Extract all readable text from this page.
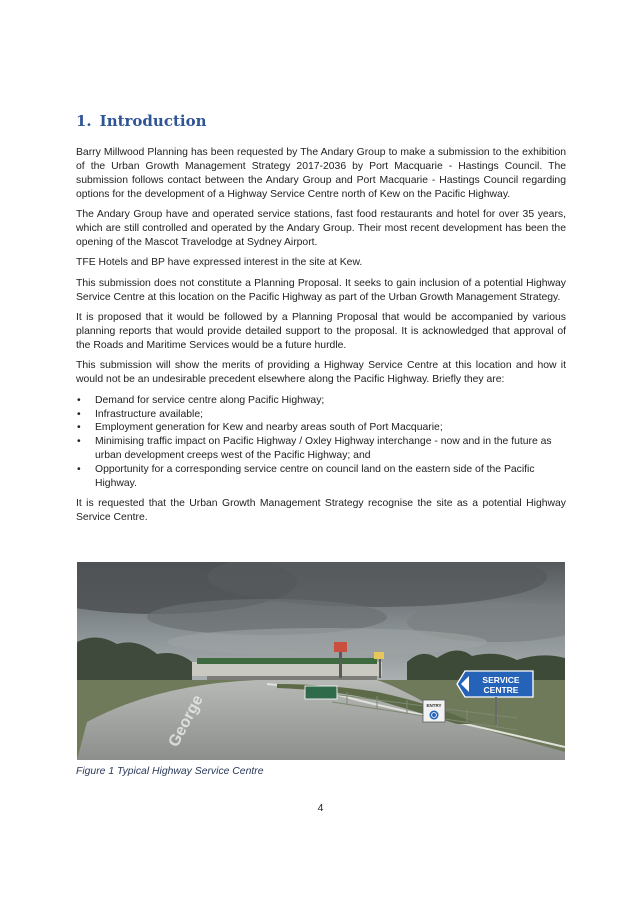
1. Introduction

Barry Millwood Planning has been requested by The Andary Group to make a submission to the exhibition of the Urban Growth Management Strategy 2017-2036 by Port Macquarie - Hastings Council. The submission follows contact between the Andary Group and Port Macquarie - Hastings Council regarding options for the development of a Highway Service Centre north of Kew on the Pacific Highway.

The Andary Group have and operated service stations, fast food restaurants and hotel for over 35 years, which are still controlled and operated by the Andary Group. Their most recent development has been the opening of the Mascot Travelodge at Sydney Airport.

TFE Hotels and BP have expressed interest in the site at Kew.

This submission does not constitute a Planning Proposal. It seeks to gain inclusion of a potential Highway Service Centre at this location on the Pacific Highway as part of the Urban Growth Management Strategy.

It is proposed that it would be followed by a Planning Proposal that would be accompanied by various planning reports that would provide detailed support to the proposal. It is acknowledged that approval of the Roads and Maritime Services would be a future hurdle.

This submission will show the merits of providing a Highway Service Centre at this location and how it would not be an undesirable precedent elsewhere along the Pacific Highway. Briefly they are:

• Demand for service centre along Pacific Highway;
• Infrastructure available;
• Employment generation for Kew and nearby areas south of Port Macquarie;
• Minimising traffic impact on Pacific Highway / Oxley Highway interchange - now and in the future as urban development creeps west of the Pacific Highway; and
• Opportunity for a corresponding service centre on council land on the eastern side of the Pacific Highway.

It is requested that the Urban Growth Management Strategy recognise the site as a potential Highway Service Centre.

ENTRY
SERVICE
CENTRE
George
Figure 1 Typical Highway Service Centre
4
